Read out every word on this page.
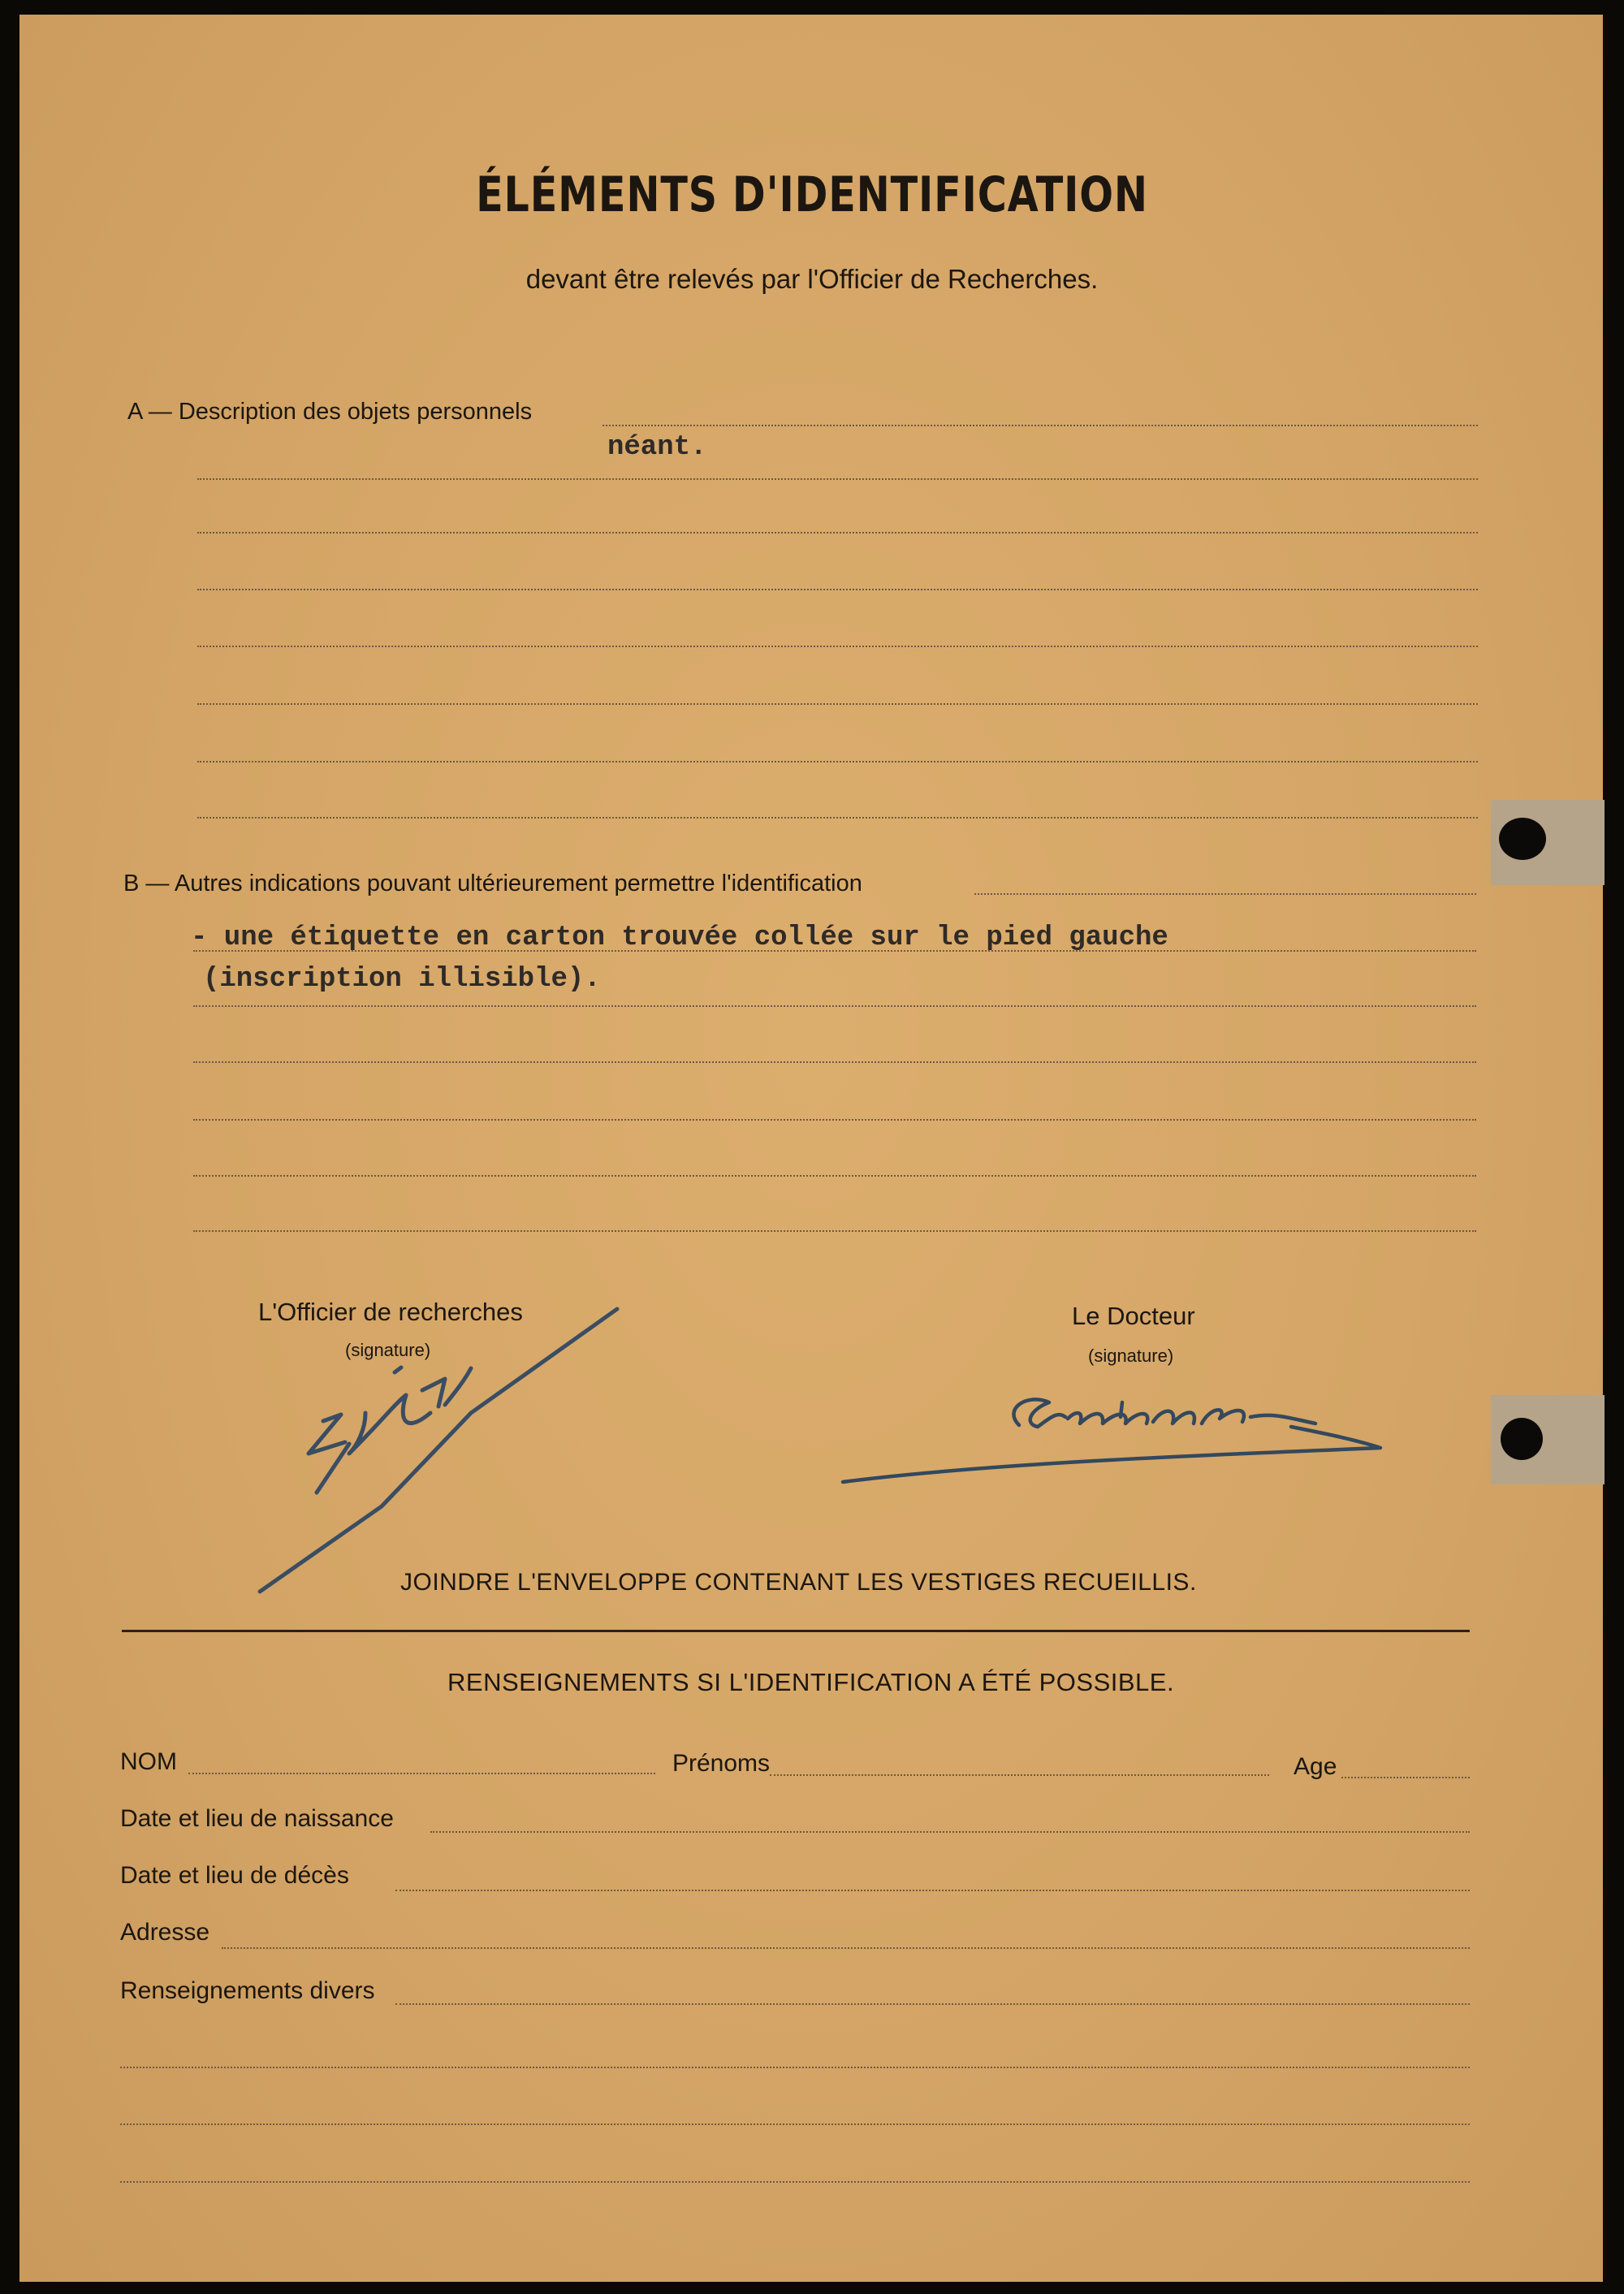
ÉLÉMENTS D'IDENTIFICATION
devant être relevés par l'Officier de Recherches.
A — Description des objets personnels
néant.
B — Autres indications pouvant ultérieurement permettre l'identification
- une étiquette en carton trouvée collée sur le pied gauche
(inscription illisible).
L'Officier de recherches
(signature)
Le Docteur
(signature)
JOINDRE L'ENVELOPPE CONTENANT LES VESTIGES RECUEILLIS.
RENSEIGNEMENTS SI L'IDENTIFICATION A ÉTÉ POSSIBLE.
NOM	Prénoms	Age
Date et lieu de naissance
Date et lieu de décès
Adresse
Renseignements divers
